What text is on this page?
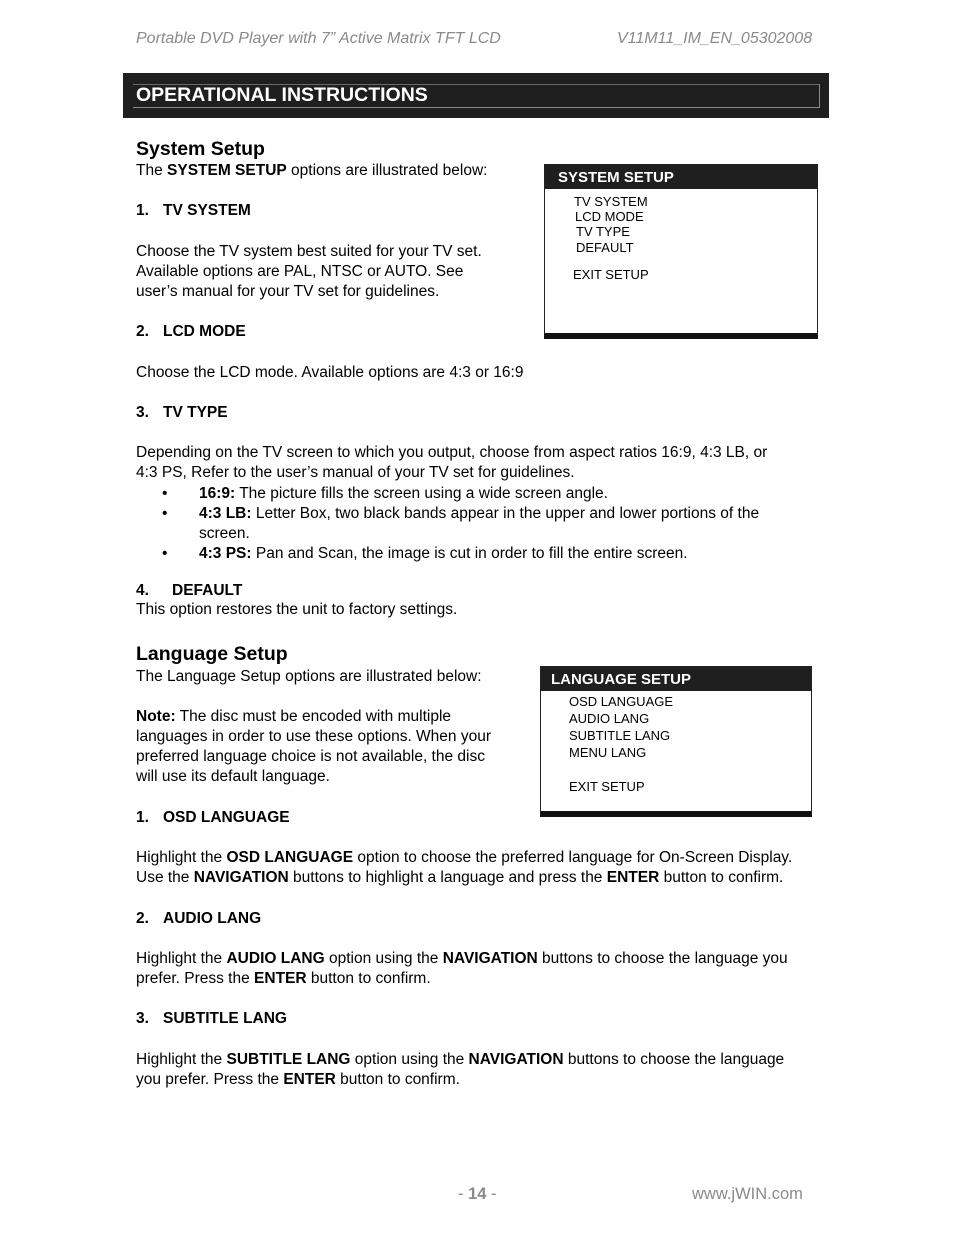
Portable DVD Player with 7” Active Matrix TFT LCD	V11M11_IM_EN_05302008
OPERATIONAL INSTRUCTIONS
System Setup
The SYSTEM SETUP options are illustrated below:	SYSTEM SETUP
TV SYSTEM
LCD MODE
TV TYPE
DEFAULT
EXIT SETUP
1. TV SYSTEM
Choose the TV system best suited for your TV set.
Available options are PAL, NTSC or AUTO. See
user’s manual for your TV set for guidelines.
2. LCD MODE
Choose the LCD mode. Available options are 4:3 or 16:9
3. TV TYPE
Depending on the TV screen to which you output, choose from aspect ratios 16:9, 4:3 LB, or
4:3 PS, Refer to the user’s manual of your TV set for guidelines.
• 16:9: The picture fills the screen using a wide screen angle.
• 4:3 LB: Letter Box, two black bands appear in the upper and lower portions of the
screen.
• 4:3 PS: Pan and Scan, the image is cut in order to fill the entire screen.
4. DEFAULT
This option restores the unit to factory settings.
Language Setup
The Language Setup options are illustrated below:
Note: The disc must be encoded with multiple
languages in order to use these options. When your
preferred language choice is not available, the disc
will use its default language.
LANGUAGE SETUP
OSD LANGUAGE
AUDIO LANG
SUBTITLE LANG
MENU LANG
EXIT SETUP
1. OSD LANGUAGE
Highlight the OSD LANGUAGE option to choose the preferred language for On-Screen Display.
Use the NAVIGATION buttons to highlight a language and press the ENTER button to confirm.
2. AUDIO LANG
Highlight the AUDIO LANG option using the NAVIGATION buttons to choose the language you
prefer. Press the ENTER button to confirm.
3. SUBTITLE LANG
Highlight the SUBTITLE LANG option using the NAVIGATION buttons to choose the language
you prefer. Press the ENTER button to confirm.
- 14 -	www.jWIN.com
